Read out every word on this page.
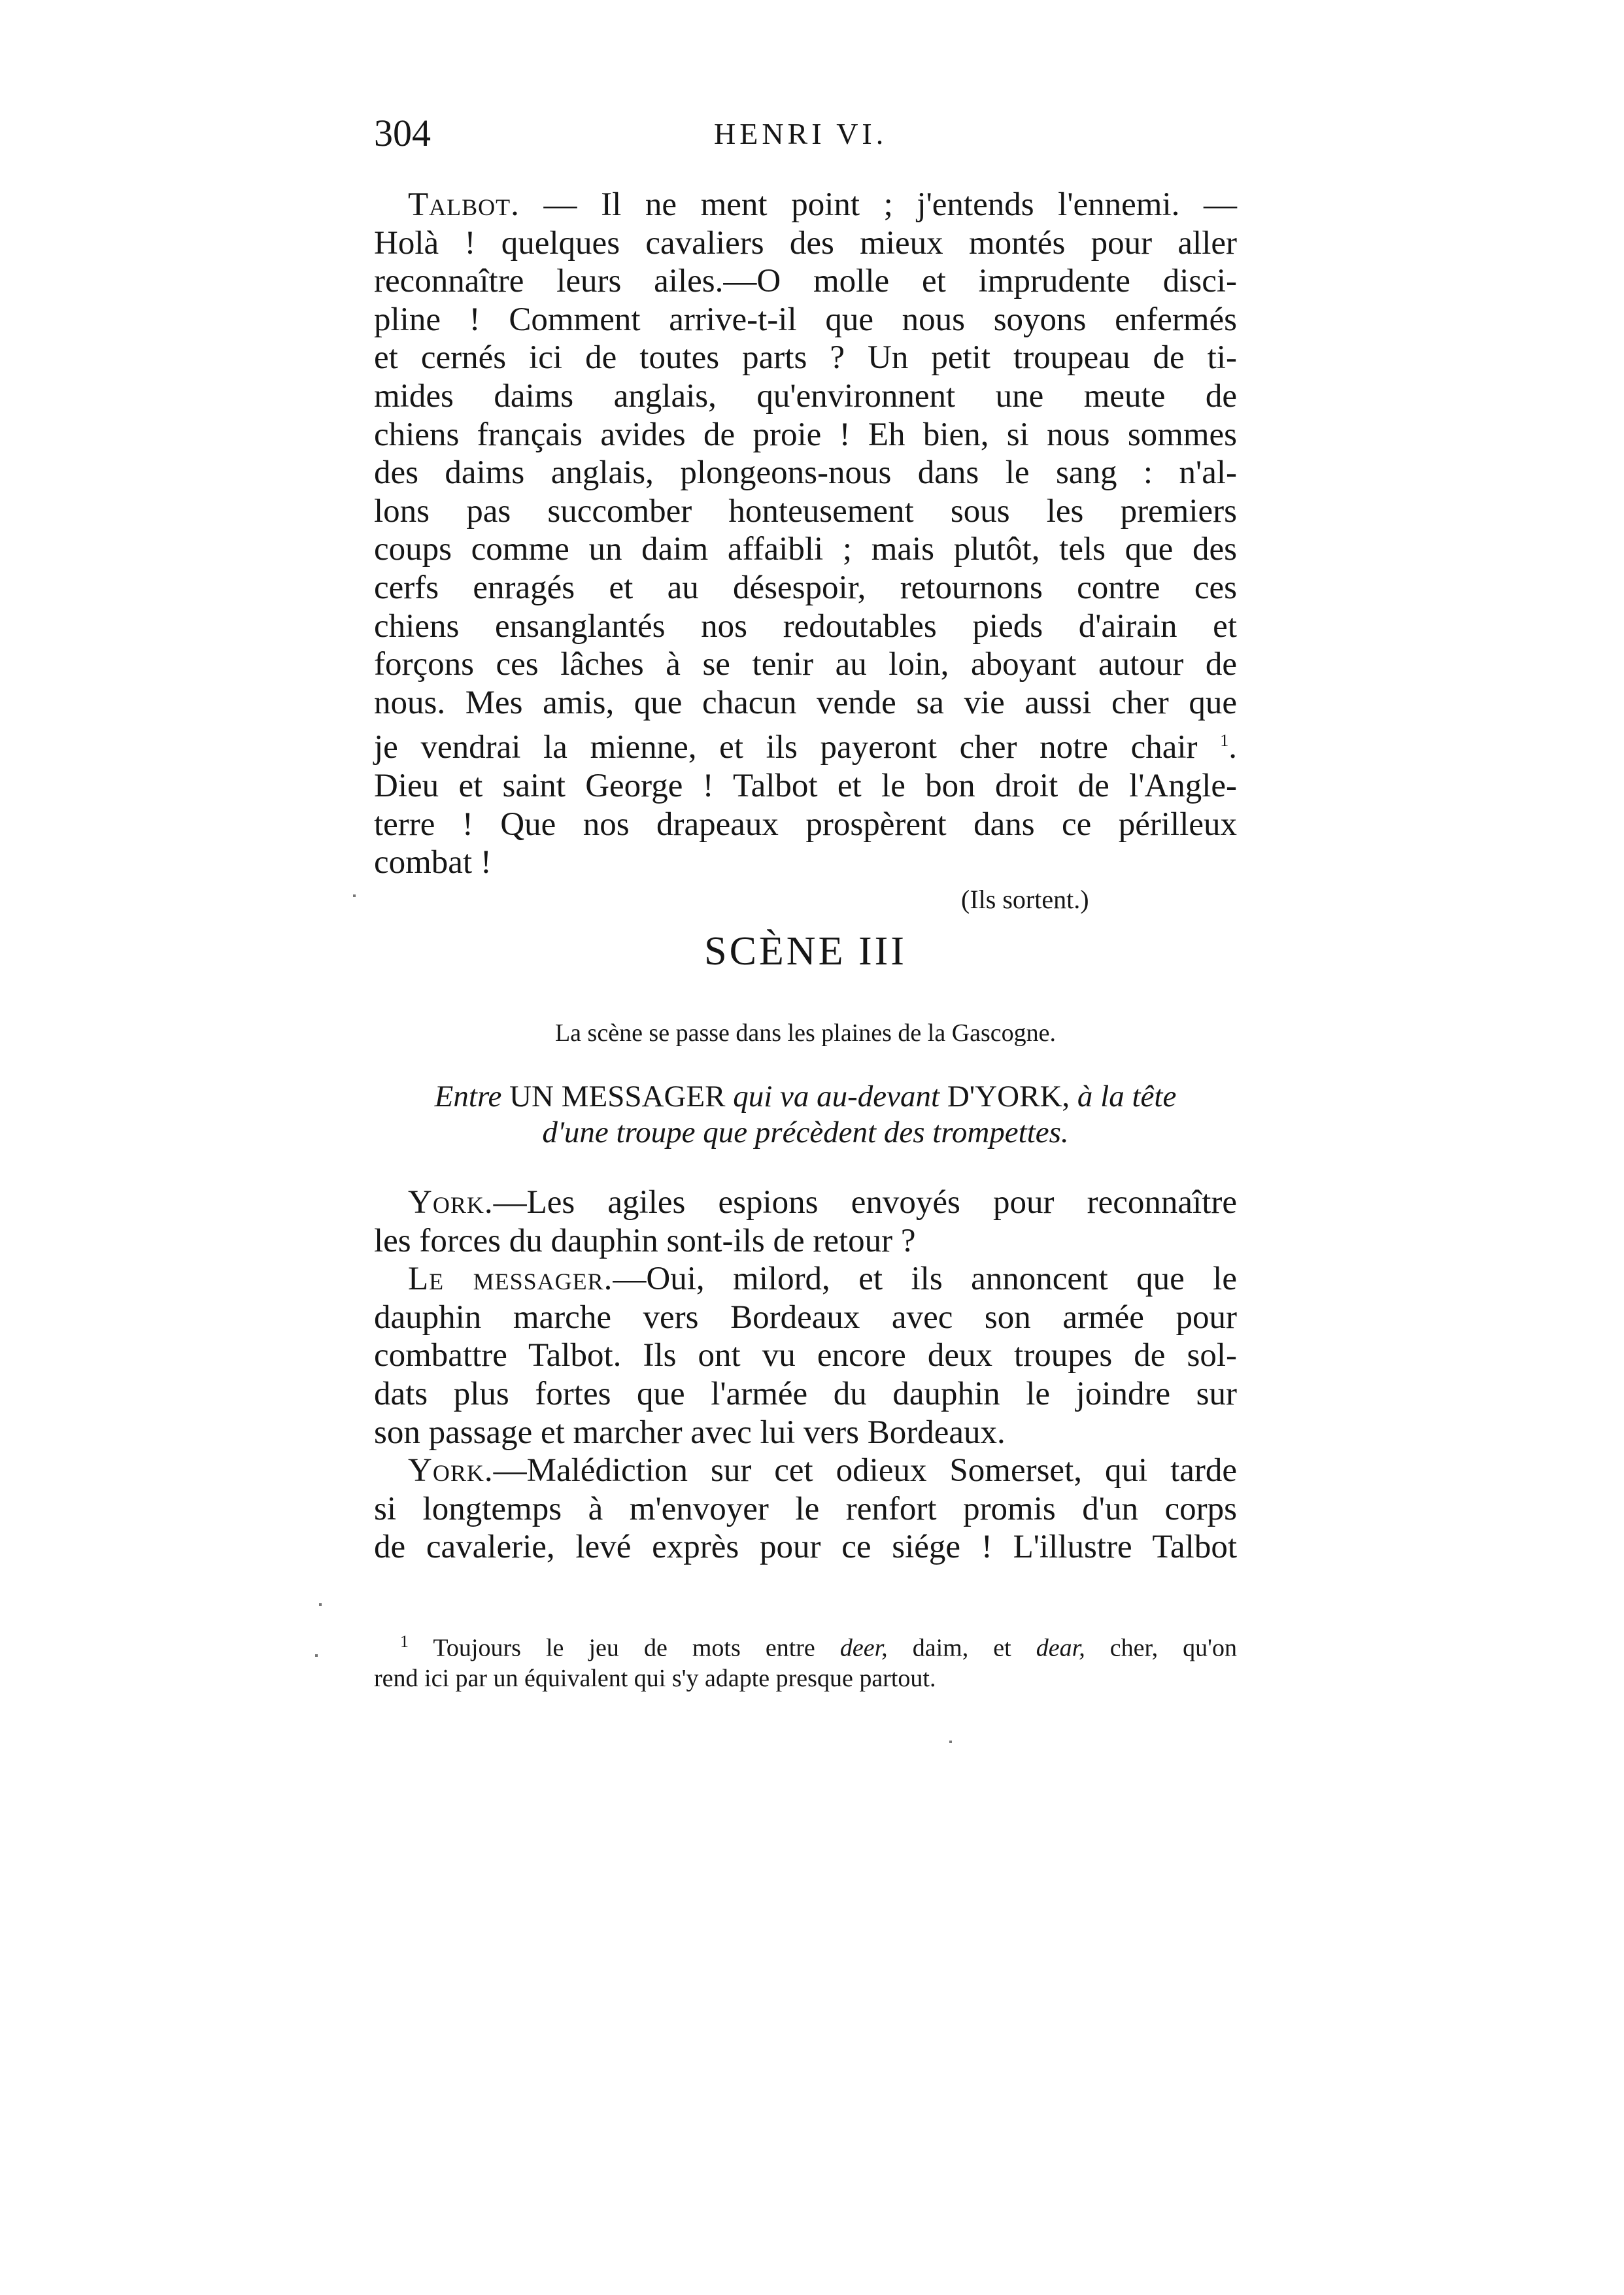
304	HENRI VI.

Talbot. — Il ne ment point ; j'entends l'ennemi. —
Holà ! quelques cavaliers des mieux montés pour aller
reconnaître leurs ailes.—O molle et imprudente disci-
pline ! Comment arrive-t-il que nous soyons enfermés
et cernés ici de toutes parts ? Un petit troupeau de ti-
mides daims anglais, qu'environnent une meute de
chiens français avides de proie ! Eh bien, si nous sommes
des daims anglais, plongeons-nous dans le sang : n'al-
lons pas succomber honteusement sous les premiers
coups comme un daim affaibli ; mais plutôt, tels que des
cerfs enragés et au désespoir, retournons contre ces
chiens ensanglantés nos redoutables pieds d'airain et
forçons ces lâches à se tenir au loin, aboyant autour de
nous. Mes amis, que chacun vende sa vie aussi cher que
je vendrai la mienne, et ils payeront cher notre chair $^1$.
Dieu et saint George ! Talbot et le bon droit de l'Angle-
terre ! Que nos drapeaux prospèrent dans ce périlleux
combat !

(Ils sortent.)
SCÈNE III
La scène se passe dans les plaines de la Gascogne.
Entre UN MESSAGER qui va au-devant D'YORK, à la tête
d'une troupe que précèdent des trompettes.

York.—Les agiles espions envoyés pour reconnaître
les forces du dauphin sont-ils de retour ?

Le messager.—Oui, milord, et ils annoncent que le
dauphin marche vers Bordeaux avec son armée pour
combattre Talbot. Ils ont vu encore deux troupes de sol-
dats plus fortes que l'armée du dauphin le joindre sur
son passage et marcher avec lui vers Bordeaux.

York.—Malédiction sur cet odieux Somerset, qui tarde
si longtemps à m'envoyer le renfort promis d'un corps
de cavalerie, levé exprès pour ce siége ! L'illustre Talbot

$^1$ Toujours le jeu de mots entre deer, daim, et dear, cher, qu'on
rend ici par un équivalent qui s'y adapte presque partout.
